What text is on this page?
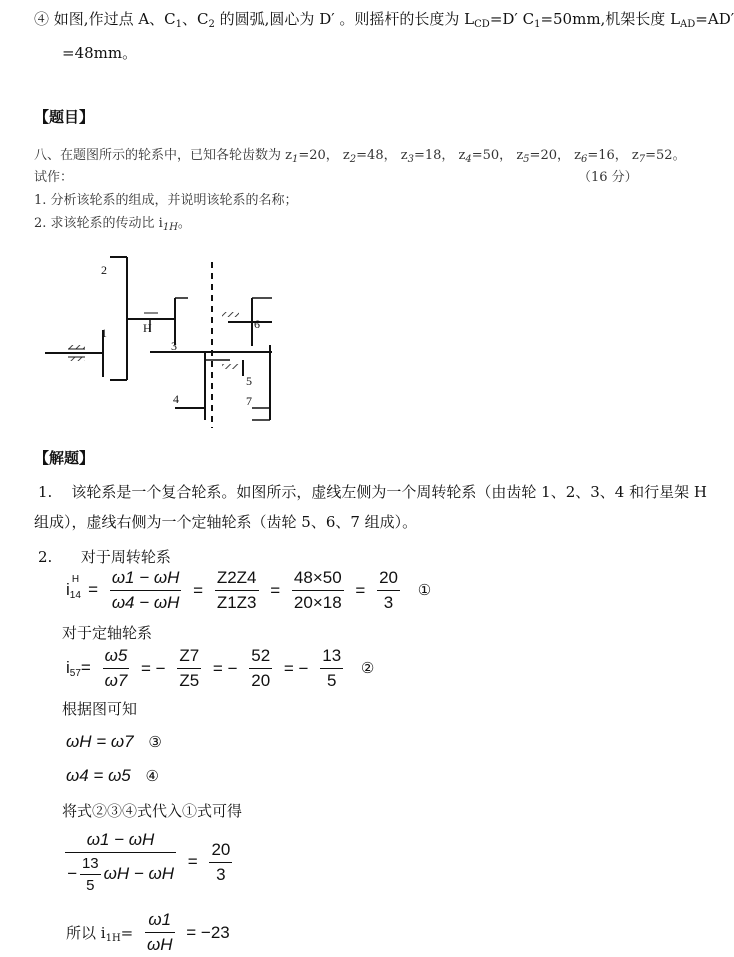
④ 如图,作过点 A、$C_1$、$C_2$ 的圆弧,圆心为 D′ 。则摇杆的长度为 $L_{CD}=D'$ $C_1=50mm$,机架长度 $L_{AD}=AD'$
=48mm。
【题目】
八、在题图所示的轮系中，已知各轮齿数为 $z_1=20$， $z_2=48$， $z_3=18$， $z_4=50$， $z_5=20$， $z_6=16$， $z_7=52$。
试作：	（16 分）
1. 分析该轮系的组成，并说明该轮系的名称；
2. 求该轮系的传动比 $i_{1H}$。
2
1	H
3
4
6
5
7
【解题】
1. 该轮系是一个复合轮系。如图所示，虚线左侧为一个周转轮系（由齿轮 1、2、3、4 和行星架 H
组成），虚线右侧为一个定轴轮系（齿轮 5、6、7 组成）。
2. 对于周转轮系
$i_{14}^H= \frac{\omega 1 - \omega H}{\omega 4 - \omega H} = \frac{Z2Z4}{Z1Z3} = \frac{48\times 50}{20\times 18} = \frac{20}{3}$ ①
对于定轴轮系
$i_{57}= \frac{\omega 5}{\omega 7}$ = − $\frac{Z7}{Z5}$ = − $\frac{52}{20}$ = − $\frac{13}{5}$ ②
根据图可知
ωH = ω7 ③
ω4 = ω5 ④
将式②③④式代入①式可得
$\frac{\omega 1 - \omega H}{- \frac{13}{5} \omega H - \omega H} = \frac{20}{3}$
所以 $i_{1H}= \frac{\omega 1}{\omega H} = -23$
